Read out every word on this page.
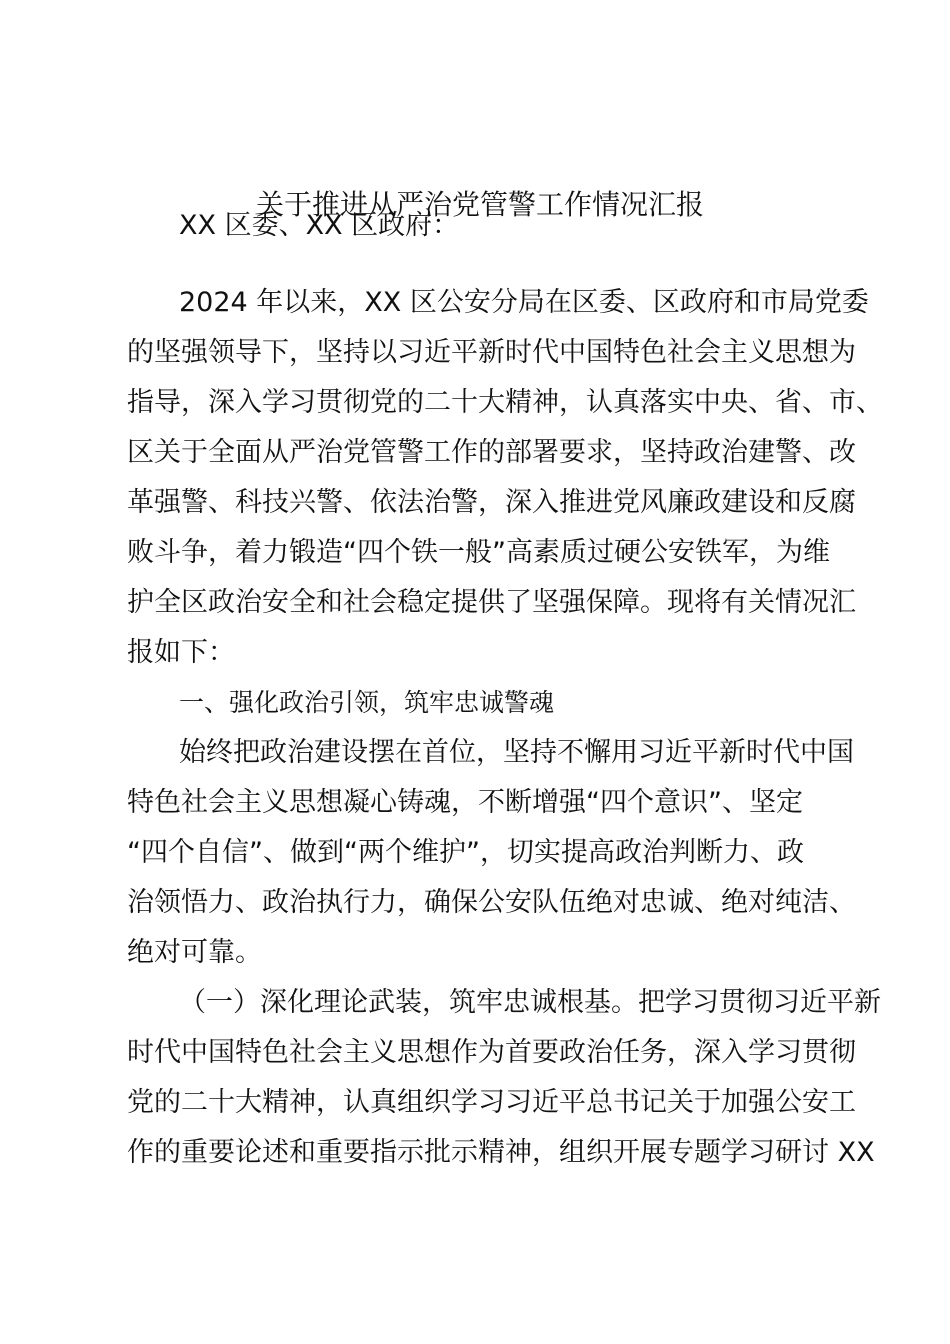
关于推进从严治党管警工作情况汇报
XX 区委、XX 区政府：
2024 年以来，XX 区公安分局在区委、区政府和市局党委
的坚强领导下，坚持以习近平新时代中国特色社会主义思想为
指导，深入学习贯彻党的二十大精神，认真落实中央、省、市、
区关于全面从严治党管警工作的部署要求，坚持政治建警、改
革强警、科技兴警、依法治警，深入推进党风廉政建设和反腐
败斗争，着力锻造“四个铁一般”高素质过硬公安铁军，为维
护全区政治安全和社会稳定提供了坚强保障。现将有关情况汇
报如下：
一、强化政治引领，筑牢忠诚警魂
始终把政治建设摆在首位，坚持不懈用习近平新时代中国
特色社会主义思想凝心铸魂，不断增强“四个意识”、坚定
“四个自信”、做到“两个维护”，切实提高政治判断力、政
治领悟力、政治执行力，确保公安队伍绝对忠诚、绝对纯洁、
绝对可靠。
（一）深化理论武装，筑牢忠诚根基。把学习贯彻习近平新
时代中国特色社会主义思想作为首要政治任务，深入学习贯彻
党的二十大精神，认真组织学习习近平总书记关于加强公安工
作的重要论述和重要指示批示精神，组织开展专题学习研讨 XX
